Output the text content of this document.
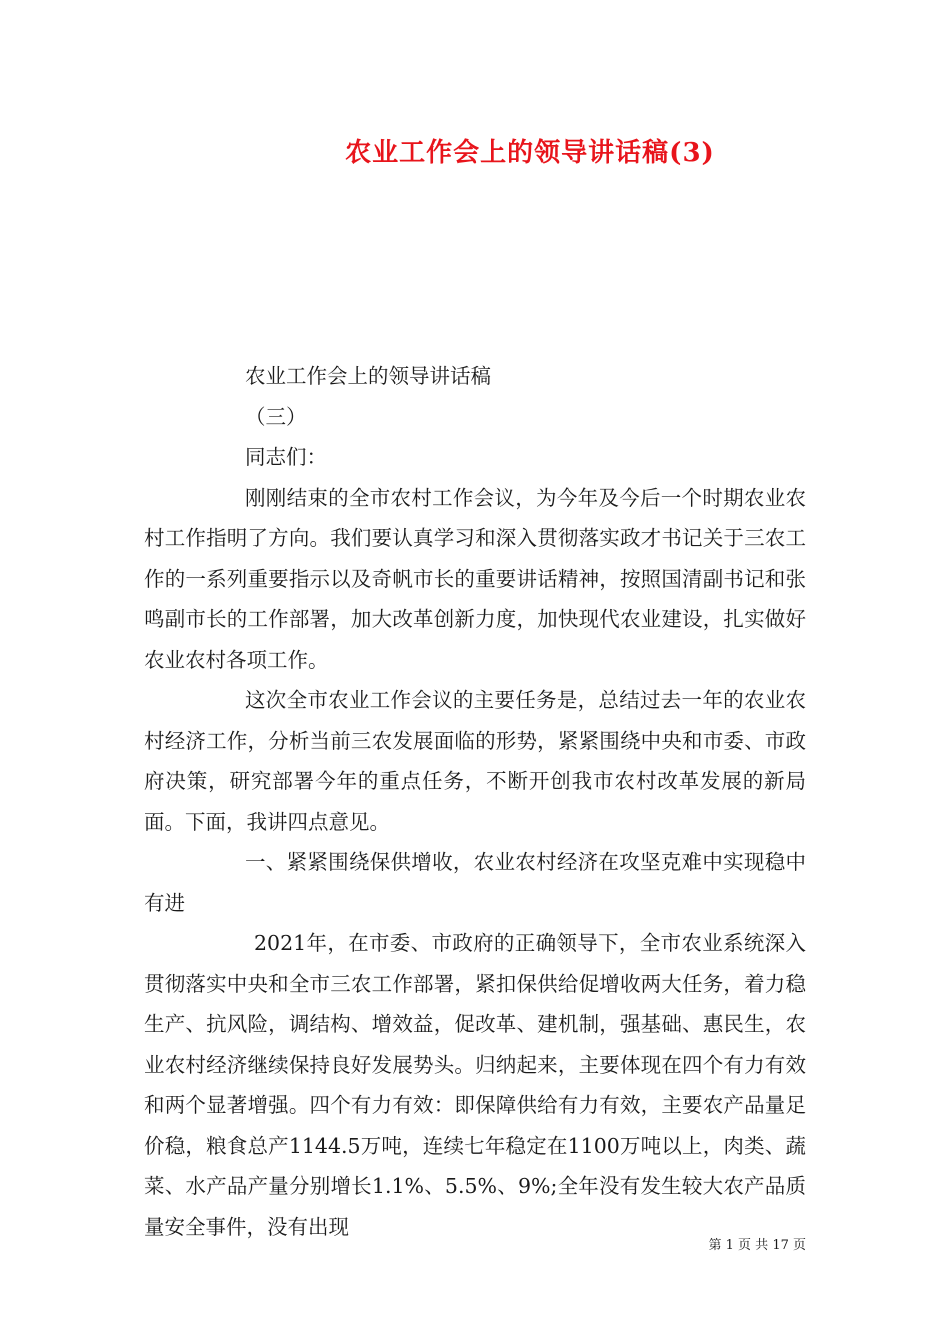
农业工作会上的领导讲话稿(3)

农业工作会上的领导讲话稿

（三）

同志们：

刚刚结束的全市农村工作会议，为今年及今后一个时期农业农村工作指明了方向。我们要认真学习和深入贯彻落实政才书记关于三农工作的一系列重要指示以及奇帆市长的重要讲话精神，按照国清副书记和张鸣副市长的工作部署，加大改革创新力度，加快现代农业建设，扎实做好农业农村各项工作。

这次全市农业工作会议的主要任务是，总结过去一年的农业农村经济工作，分析当前三农发展面临的形势，紧紧围绕中央和市委、市政府决策，研究部署今年的重点任务，不断开创我市农村改革发展的新局面。下面，我讲四点意见。

一、紧紧围绕保供增收，农业农村经济在攻坚克难中实现稳中有进

2021年，在市委、市政府的正确领导下，全市农业系统深入贯彻落实中央和全市三农工作部署，紧扣保供给促增收两大任务，着力稳生产、抗风险，调结构、增效益，促改革、建机制，强基础、惠民生，农业农村经济继续保持良好发展势头。归纳起来，主要体现在四个有力有效和两个显著增强。四个有力有效：即保障供给有力有效，主要农产品量足价稳，粮食总产1144.5万吨，连续七年稳定在1100万吨以上，肉类、蔬菜、水产品产量分别增长1.1%、5.5%、9%;全年没有发生较大农产品质量安全事件，没有出现

第 1 页 共 17 页
